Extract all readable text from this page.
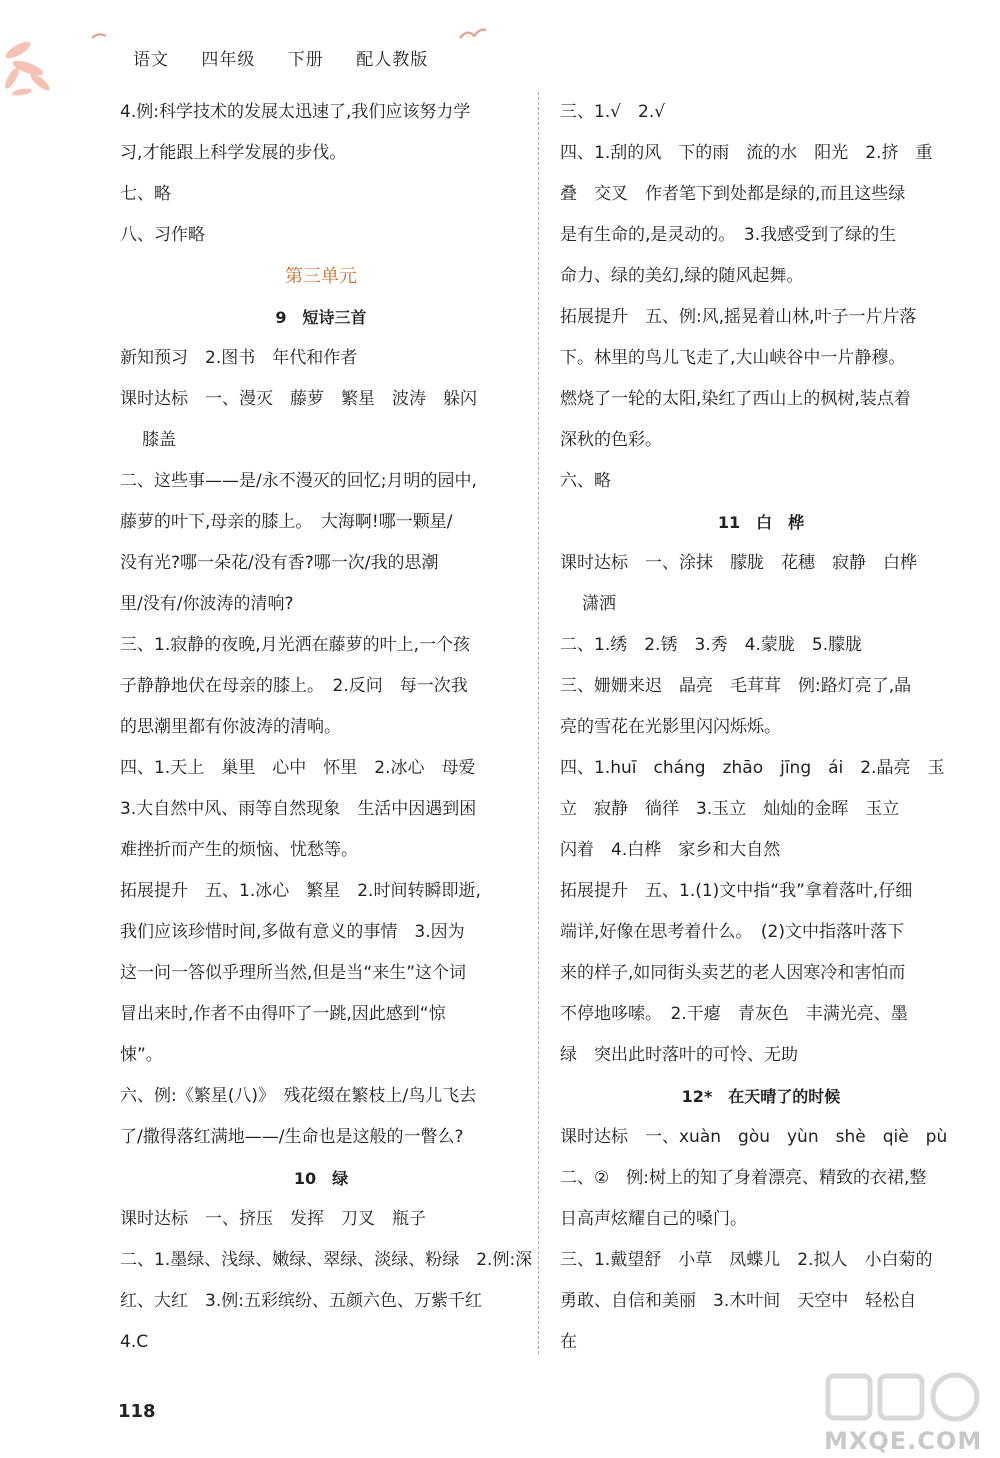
语文 四年级 下册 配人教版
4.例:科学技术的发展太迅速了,我们应该努力学
习,才能跟上科学发展的步伐。
七、略
八、习作略
第三单元
9　短诗三首
新知预习　2.图书　年代和作者
课时达标　一、漫灭　藤萝　繁星　波涛　躲闪
膝盖
二、这些事——是/永不漫灭的回忆;月明的园中,
藤萝的叶下,母亲的膝上。　大海啊!哪一颗星/
没有光?哪一朵花/没有香?哪一次/我的思潮
里/没有/你波涛的清响?
三、1.寂静的夜晚,月光洒在藤萝的叶上,一个孩
子静静地伏在母亲的膝上。　2.反问　每一次我
的思潮里都有你波涛的清响。
四、1.天上　巢里　心中　怀里　2.冰心　母爱
3.大自然中风、雨等自然现象　生活中因遇到困
难挫折而产生的烦恼、忧愁等。
拓展提升　五、1.冰心　繁星　2.时间转瞬即逝,
我们应该珍惜时间,多做有意义的事情　3.因为
这一问一答似乎理所当然,但是当“来生”这个词
冒出来时,作者不由得吓了一跳,因此感到“惊
悚”。
六、例:《繁星(八)》　残花缀在繁枝上/鸟儿飞去
了/撒得落红满地——/生命也是这般的一瞥么?
10　绿
课时达标　一、挤压　发挥　刀叉　瓶子
二、1.墨绿、浅绿、嫩绿、翠绿、淡绿、粉绿　2.例:深
红、大红　3.例:五彩缤纷、五颜六色、万紫千红
4.C
三、1.√　2.√
四、1.刮的风　下的雨　流的水　阳光　2.挤　重
叠　交叉　作者笔下到处都是绿的,而且这些绿
是有生命的,是灵动的。　3.我感受到了绿的生
命力、绿的美幻,绿的随风起舞。
拓展提升　五、例:风,摇晃着山林,叶子一片片落
下。林里的鸟儿飞走了,大山峡谷中一片静穆。
燃烧了一轮的太阳,染红了西山上的枫树,装点着
深秋的色彩。
六、略
11　白　桦
课时达标　一、涂抹　朦胧　花穗　寂静　白桦
潇洒
二、1.绣　2.锈　3.秀　4.蒙胧　5.朦胧
三、姗姗来迟　晶亮　毛茸茸　例:路灯亮了,晶
亮的雪花在光影里闪闪烁烁。
四、1.huī　cháng　zhāo　jīng　ái　2.晶亮　玉
立　寂静　徜徉　3.玉立　灿灿的金晖　玉立
闪着　4.白桦　家乡和大自然
拓展提升　五、1.(1)文中指“我”拿着落叶,仔细
端详,好像在思考着什么。　(2)文中指落叶落下
来的样子,如同街头卖艺的老人因寒冷和害怕而
不停地哆嗦。　2.干瘪　青灰色　丰满光亮、墨
绿　突出此时落叶的可怜、无助
12*　在天晴了的时候
课时达标　一、xuàn　gòu　yùn　shè　qiè　pù
二、②　例:树上的知了身着漂亮、精致的衣裙,整
日高声炫耀自己的嗓门。
三、1.戴望舒　小草　凤蝶儿　2.拟人　小白菊的
勇敢、自信和美丽　3.木叶间　天空中　轻松自
在
118
MXQE.COM
